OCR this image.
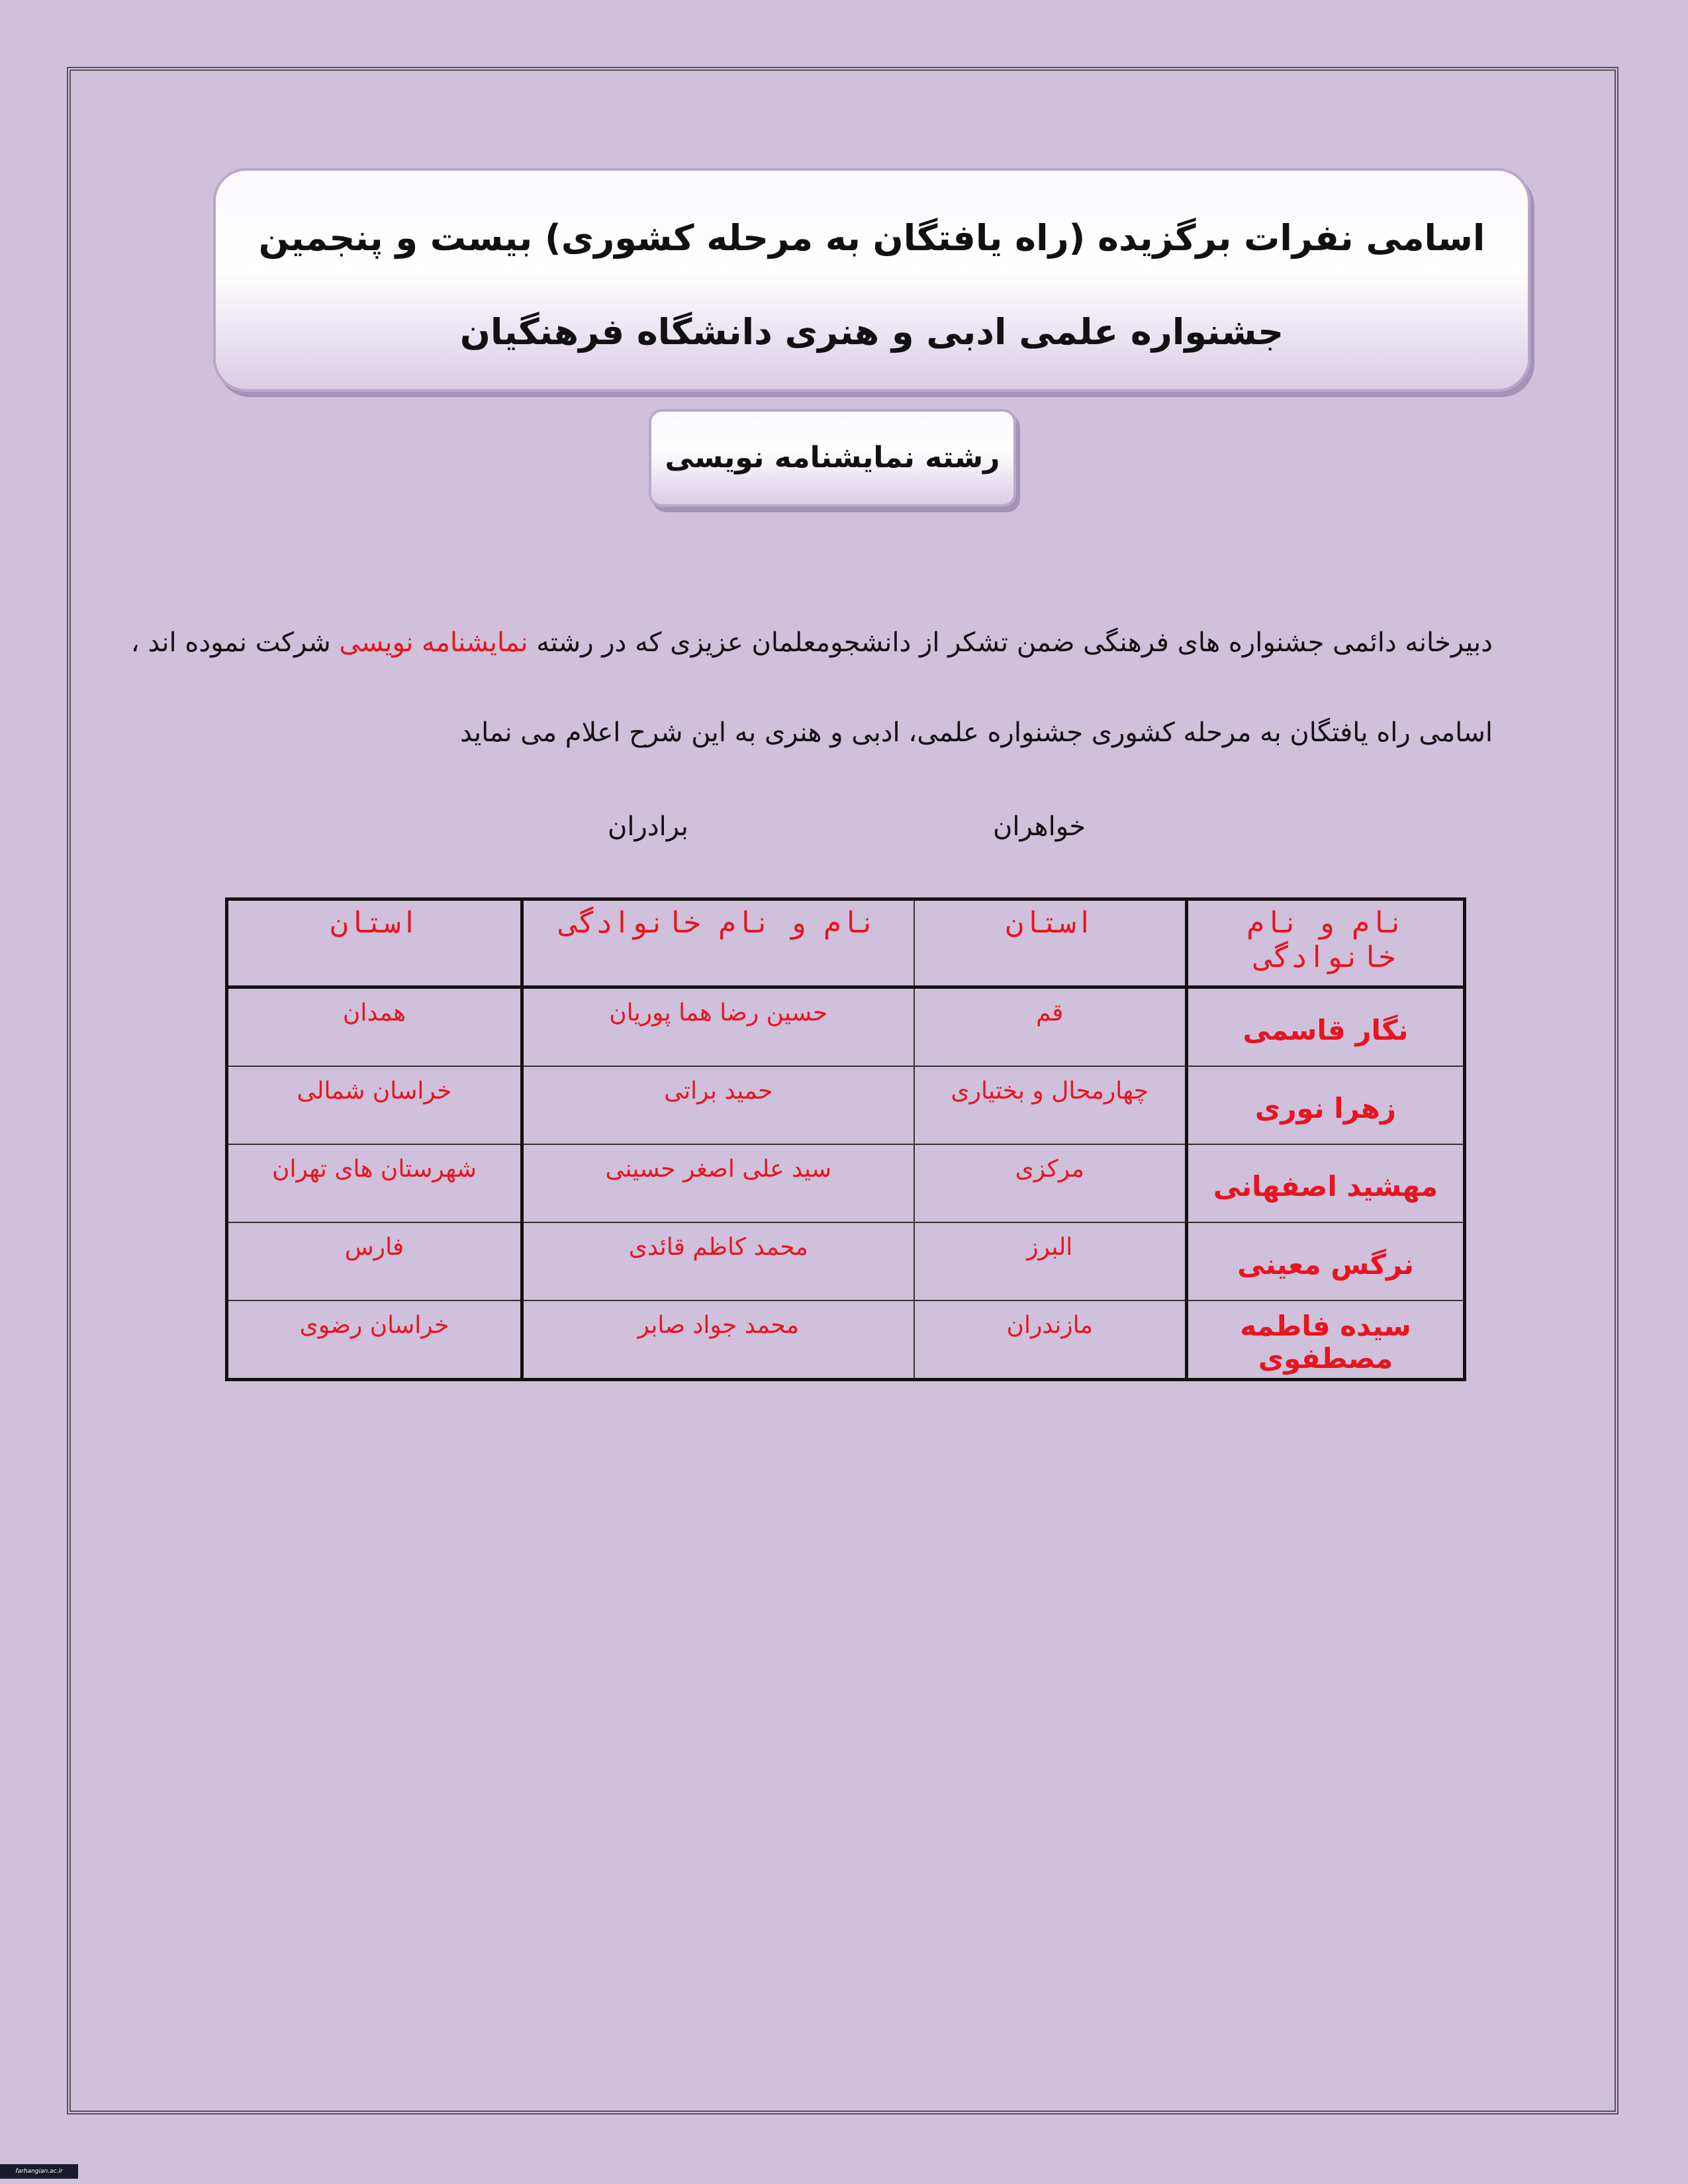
اسامی نفرات برگزیده (راه یافتگان به مرحله کشوری) بیست و پنجمین
جشنواره علمی ادبی و هنری دانشگاه فرهنگیان
رشته نمایشنامه نویسی
دبیرخانه دائمی جشنواره های فرهنگی ضمن تشکر از دانشجومعلمان عزیزی که در رشته نمایشنامه نویسی شرکت نموده اند ،
اسامی راه یافتگان به مرحله کشوری جشنواره علمی، ادبی و هنری به این شرح اعلام می نماید
خواهران
برادران
نام و نام خانوادگی	استان	نام و نام خانوادگی	استان
نگار قاسمی	قم	حسین رضا هما پوریان	همدان
زهرا نوری	چهارمحال و بختیاری	حمید براتی	خراسان شمالی
مهشید اصفهانی	مرکزی	سید علی اصغر حسینی	شهرستان های تهران
نرگس معینی	البرز	محمد کاظم قائدی	فارس
سیده فاطمه مصطفوی	مازندران	محمد جواد صابر	خراسان رضوی
farhangian.ac.ir
